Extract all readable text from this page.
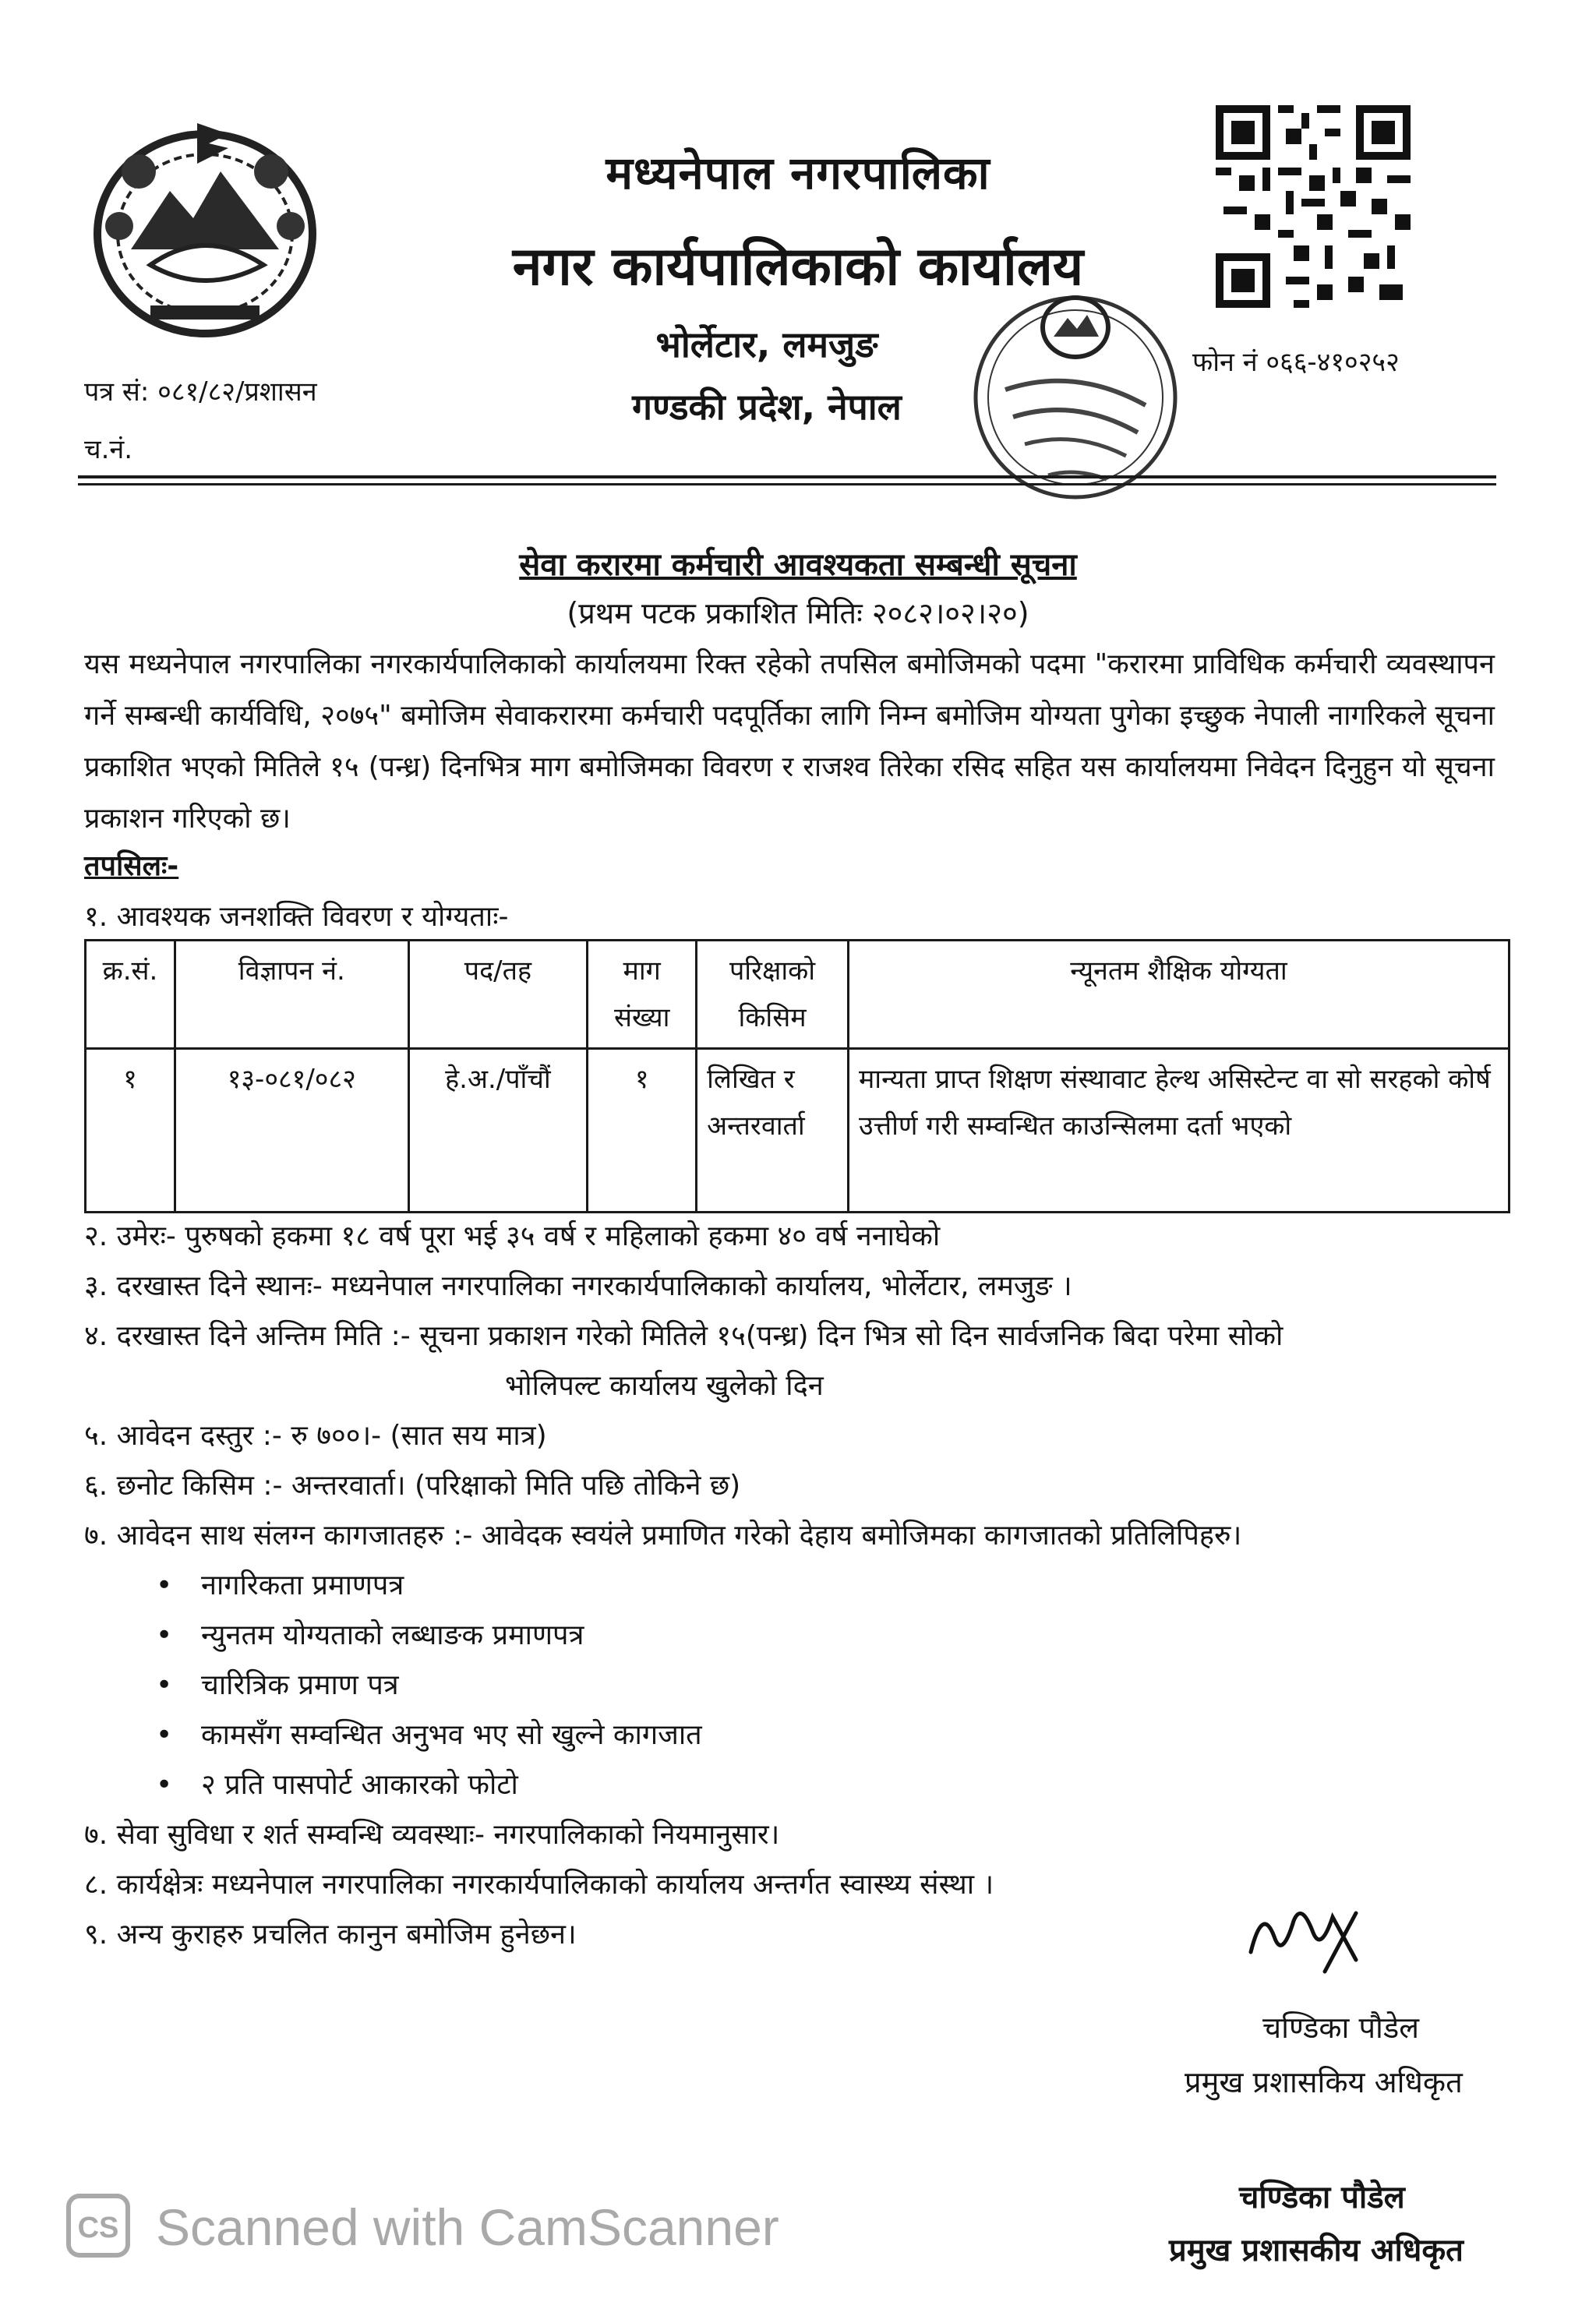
मध्यनेपाल नगरपालिका
नगर कार्यपालिकाको कार्यालय
भोर्लेटार, लमजुङ
गण्डकी प्रदेश, नेपाल
फोन नं ०६६-४१०२५२
पत्र सं: ०८१/८२/प्रशासन
च.नं.
सेवा करारमा कर्मचारी आवश्यकता सम्बन्धी सूचना
(प्रथम पटक प्रकाशित मितिः २०८२।०२।२०)
यस मध्यनेपाल नगरपालिका नगरकार्यपालिकाको कार्यालयमा रिक्त रहेको तपसिल बमोजिमको पदमा "करारमा प्राविधिक कर्मचारी व्यवस्थापन गर्ने सम्बन्धी कार्यविधि, २०७५" बमोजिम सेवाकरारमा कर्मचारी पदपूर्तिका लागि निम्न बमोजिम योग्यता पुगेका इच्छुक नेपाली नागरिकले सूचना प्रकाशित भएको मितिले १५ (पन्ध्र) दिनभित्र माग बमोजिमका विवरण र राजश्व तिरेका रसिद सहित यस कार्यालयमा निवेदन दिनुहुन यो सूचना प्रकाशन गरिएको छ।
तपसिलः-
१. आवश्यक जनशक्ति विवरण र योग्यताः-
क्र.सं.	विज्ञापन नं.	पद/तह	माग संख्या	परिक्षाको किसिम	न्यूनतम शैक्षिक योग्यता
१	१३-०८१/०८२	हे.अ./पाँचौं	१	लिखित र अन्तरवार्ता	मान्यता प्राप्त शिक्षण संस्थावाट हेल्थ असिस्टेन्ट वा सो सरहको कोर्ष उत्तीर्ण गरी सम्वन्धित काउन्सिलमा दर्ता भएको
२. उमेरः- पुरुषको हकमा १८ वर्ष पूरा भई ३५ वर्ष र महिलाको हकमा ४० वर्ष ननाघेको
३. दरखास्त दिने स्थानः- मध्यनेपाल नगरपालिका नगरकार्यपालिकाको कार्यालय, भोर्लेटार, लमजुङ ।
४. दरखास्त दिने अन्तिम मिति :- सूचना प्रकाशन गरेको मितिले १५(पन्ध्र) दिन भित्र सो दिन सार्वजनिक बिदा परेमा सोको
भोलिपल्ट कार्यालय खुलेको दिन
५. आवेदन दस्तुर :- रु ७००।- (सात सय मात्र)
६. छनोट किसिम :- अन्तरवार्ता। (परिक्षाको मिति पछि तोकिने छ)
७. आवेदन साथ संलग्न कागजातहरु :- आवेदक स्वयंले प्रमाणित गरेको देहाय बमोजिमका कागजातको प्रतिलिपिहरु।
• नागरिकता प्रमाणपत्र
• न्युनतम योग्यताको लब्धाङक प्रमाणपत्र
• चारित्रिक प्रमाण पत्र
• कामसँग सम्वन्धित अनुभव भए सो खुल्ने कागजात
• २ प्रति पासपोर्ट आकारको फोटो
७. सेवा सुविधा र शर्त सम्वन्धि व्यवस्थाः- नगरपालिकाको नियमानुसार।
८. कार्यक्षेत्रः मध्यनेपाल नगरपालिका नगरकार्यपालिकाको कार्यालय अन्तर्गत स्वास्थ्य संस्था ।
९. अन्य कुराहरु प्रचलित कानुन बमोजिम हुनेछन।
चण्डिका पौडेल
प्रमुख प्रशासकिय अधिकृत
चण्डिका पौडेल
प्रमुख प्रशासकीय अधिकृत
CS Scanned with CamScanner
